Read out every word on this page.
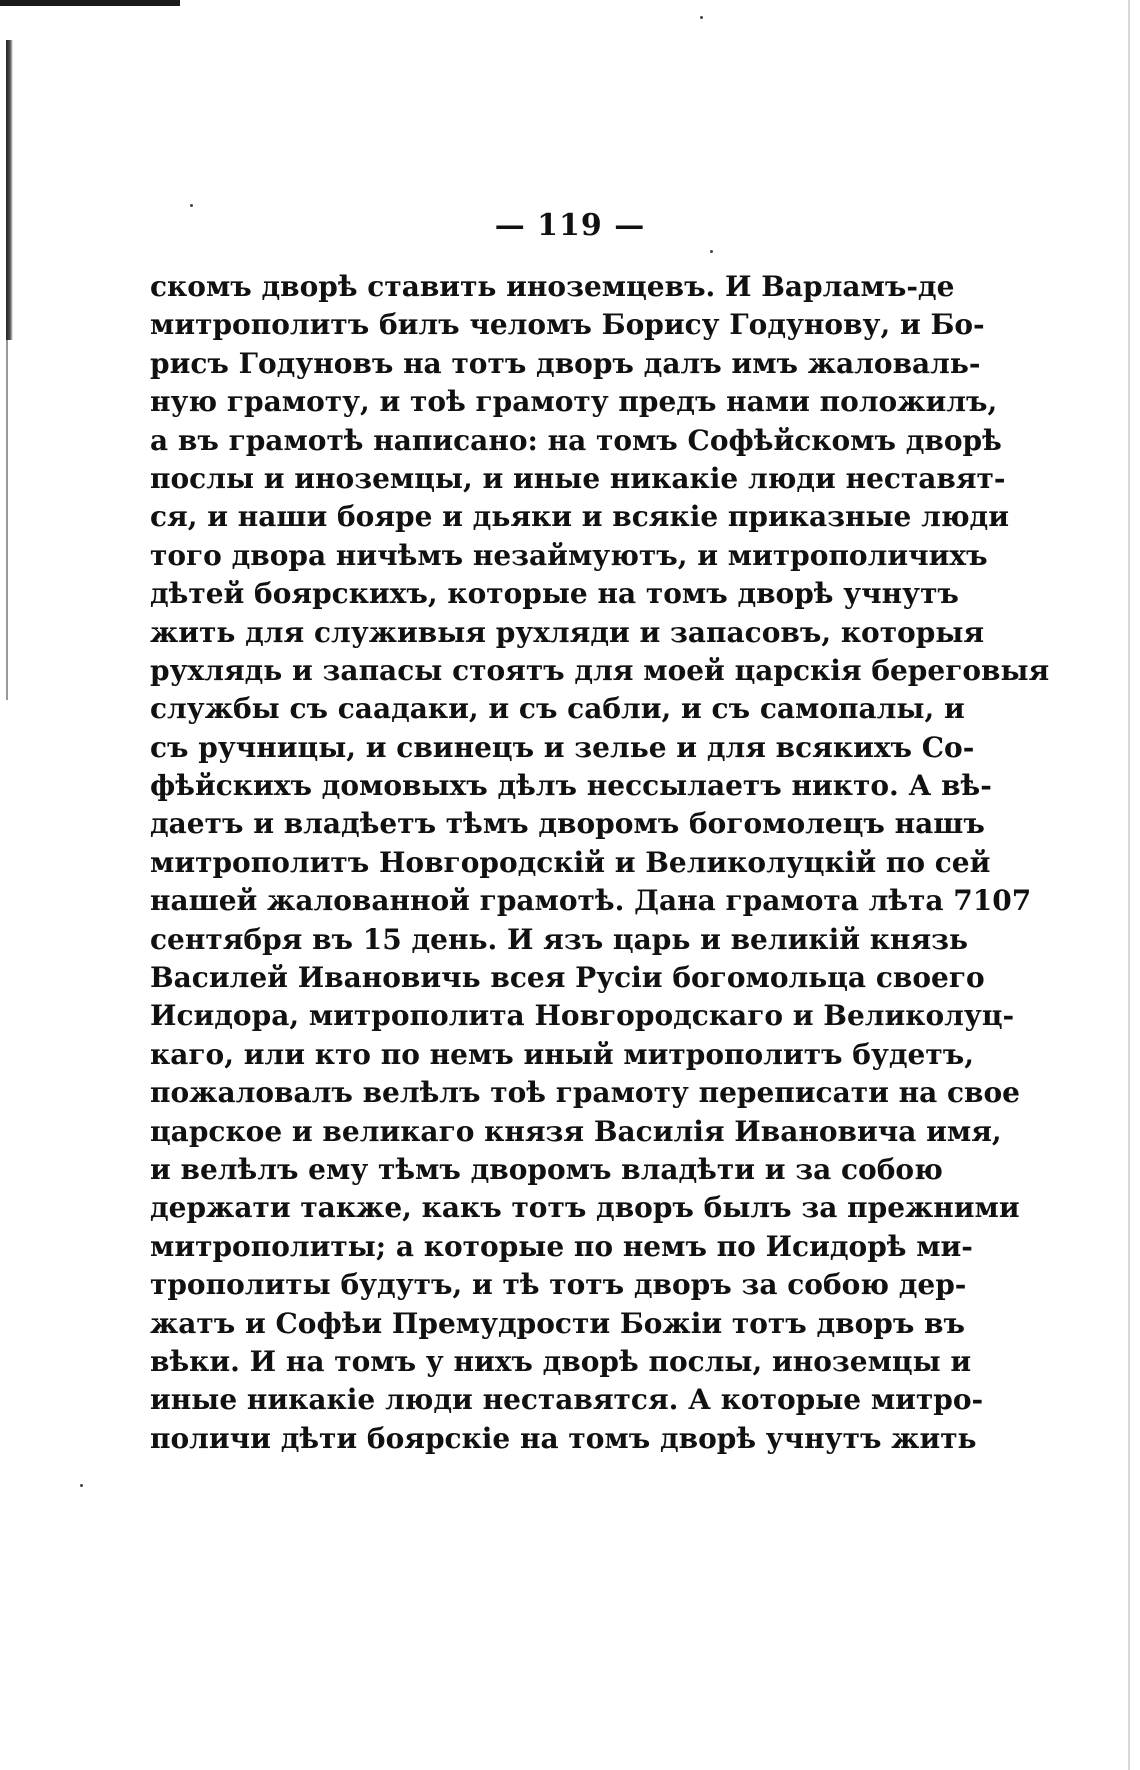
— 119 —
скомъ дворѣ ставить иноземцевъ. И Варламъ-де
митрополитъ билъ челомъ Борису Годунову, и Бо-
рисъ Годуновъ на тотъ дворъ далъ имъ жаловаль-
ную грамоту, и тоѣ грамоту предъ нами положилъ,
а въ грамотѣ написано: на томъ Софѣйскомъ дворѣ
послы и иноземцы, и иные никакіе люди неставят-
ся, и наши бояре и дьяки и всякіе приказные люди
того двора ничѣмъ незаймуютъ, и митрополичихъ
дѣтей боярскихъ, которые на томъ дворѣ учнутъ
жить для служивыя рухляди и запасовъ, которыя
рухлядь и запасы стоятъ для моей царскія береговыя
службы съ саадаки, и съ сабли, и съ самопалы, и
съ ручницы, и свинецъ и зелье и для всякихъ Со-
фѣйскихъ домовыхъ дѣлъ нессылаетъ никто. А вѣ-
даетъ и владѣетъ тѣмъ дворомъ богомолецъ нашъ
митрополитъ Новгородскій и Великолуцкій по сей
нашей жалованной грамотѣ. Дана грамота лѣта 7107
сентября въ 15 день. И язъ царь и великій князь
Василей Ивановичь всея Русіи богомольца своего
Исидора, митрополита Новгородскаго и Великолуц-
каго, или кто по немъ иный митрополитъ будетъ,
пожаловалъ велѣлъ тоѣ грамоту переписати на свое
царское и великаго князя Василія Ивановича имя,
и велѣлъ ему тѣмъ дворомъ владѣти и за собою
держати также, какъ тотъ дворъ былъ за прежними
митрополиты; а которые по немъ по Исидорѣ ми-
трополиты будутъ, и тѣ тотъ дворъ за собою дер-
жатъ и Софѣи Премудрости Божіи тотъ дворъ въ
вѣки. И на томъ у нихъ дворѣ послы, иноземцы и
иные никакіе люди неставятся. А которые митро-
поличи дѣти боярскіе на томъ дворѣ учнутъ жить
